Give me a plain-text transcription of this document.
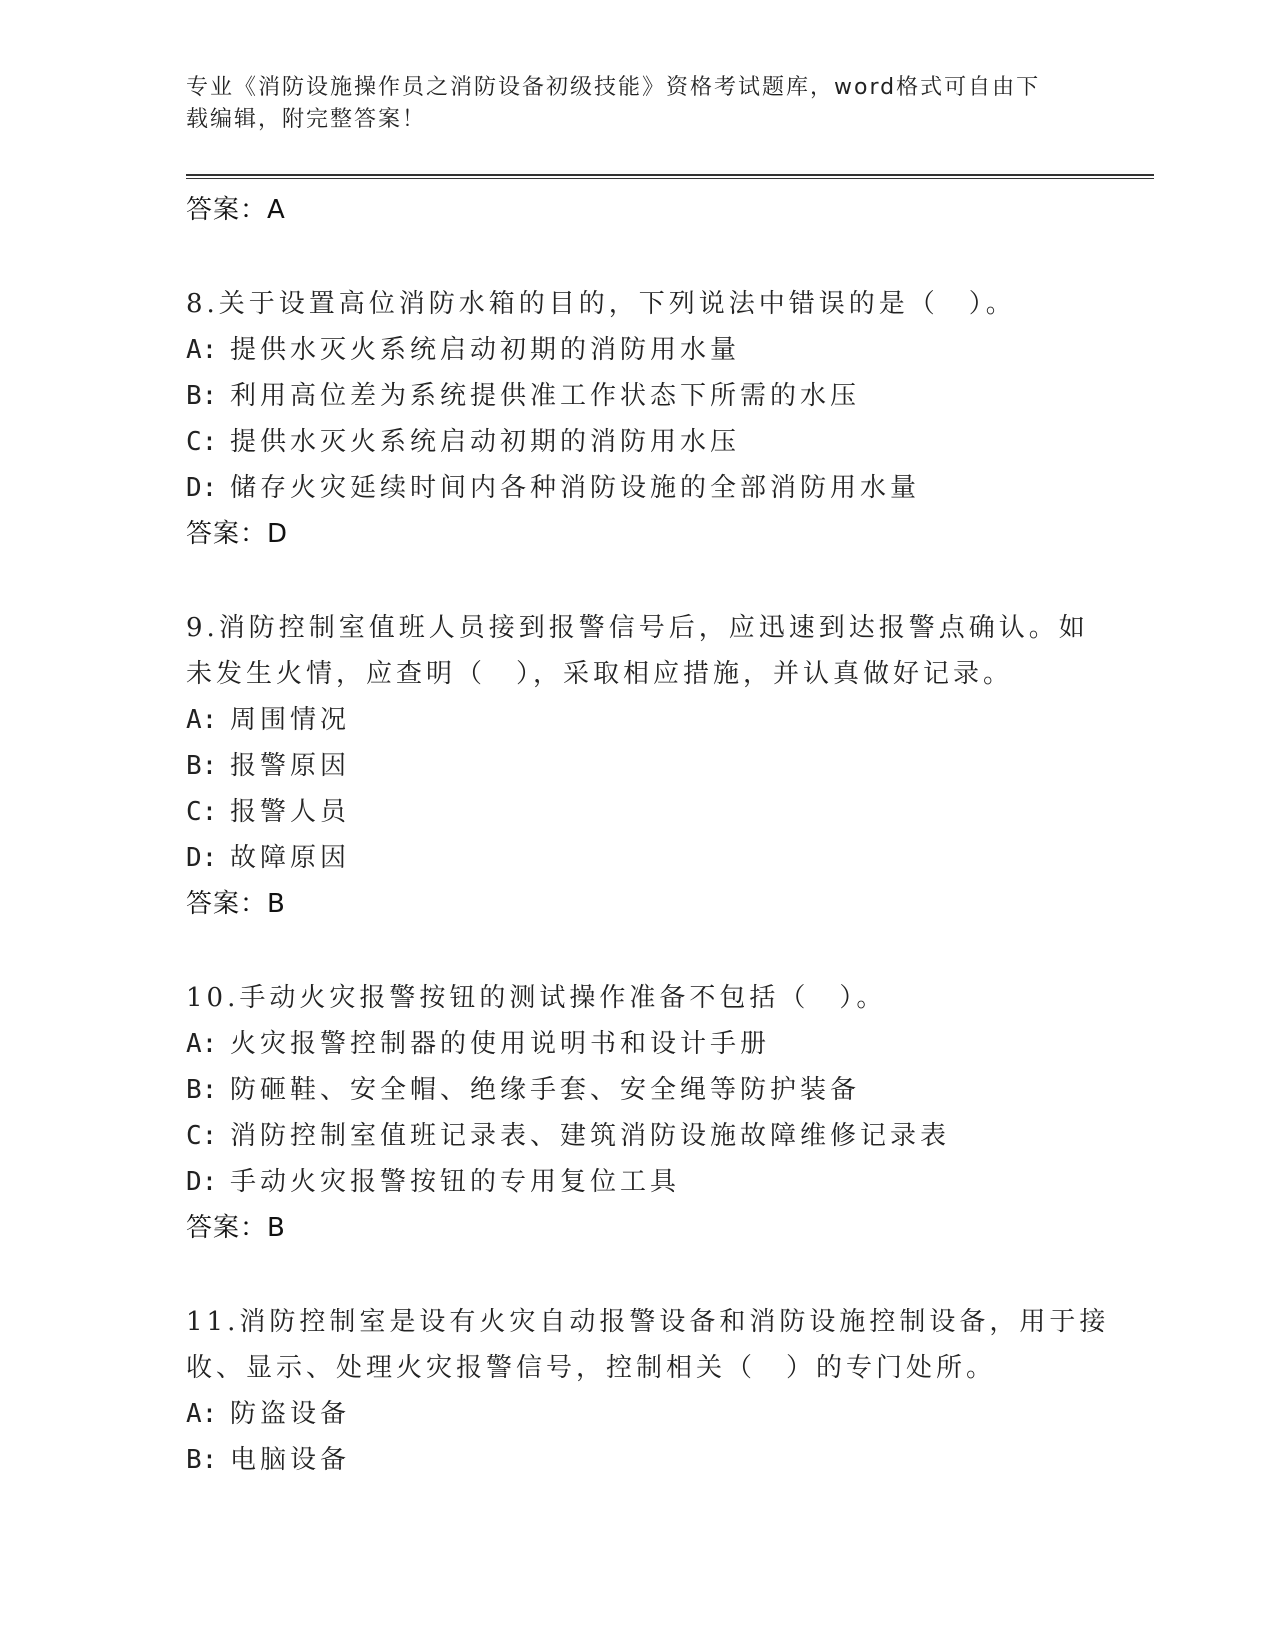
专业《消防设施操作员之消防设备初级技能》资格考试题库，word格式可自由下
载编辑，附完整答案！
答案：A
8.关于设置高位消防水箱的目的，下列说法中错误的是（　）。
A: 提供水灭火系统启动初期的消防用水量
B: 利用高位差为系统提供准工作状态下所需的水压
C: 提供水灭火系统启动初期的消防用水压
D: 储存火灾延续时间内各种消防设施的全部消防用水量
答案：D
9.消防控制室值班人员接到报警信号后，应迅速到达报警点确认。如
未发生火情，应查明（　），采取相应措施，并认真做好记录。
A: 周围情况
B: 报警原因
C: 报警人员
D: 故障原因
答案：B
10.手动火灾报警按钮的测试操作准备不包括（　）。
A: 火灾报警控制器的使用说明书和设计手册
B: 防砸鞋、安全帽、绝缘手套、安全绳等防护装备
C: 消防控制室值班记录表、建筑消防设施故障维修记录表
D: 手动火灾报警按钮的专用复位工具
答案：B
11.消防控制室是设有火灾自动报警设备和消防设施控制设备，用于接
收、显示、处理火灾报警信号，控制相关（　）的专门处所。
A: 防盗设备
B: 电脑设备
